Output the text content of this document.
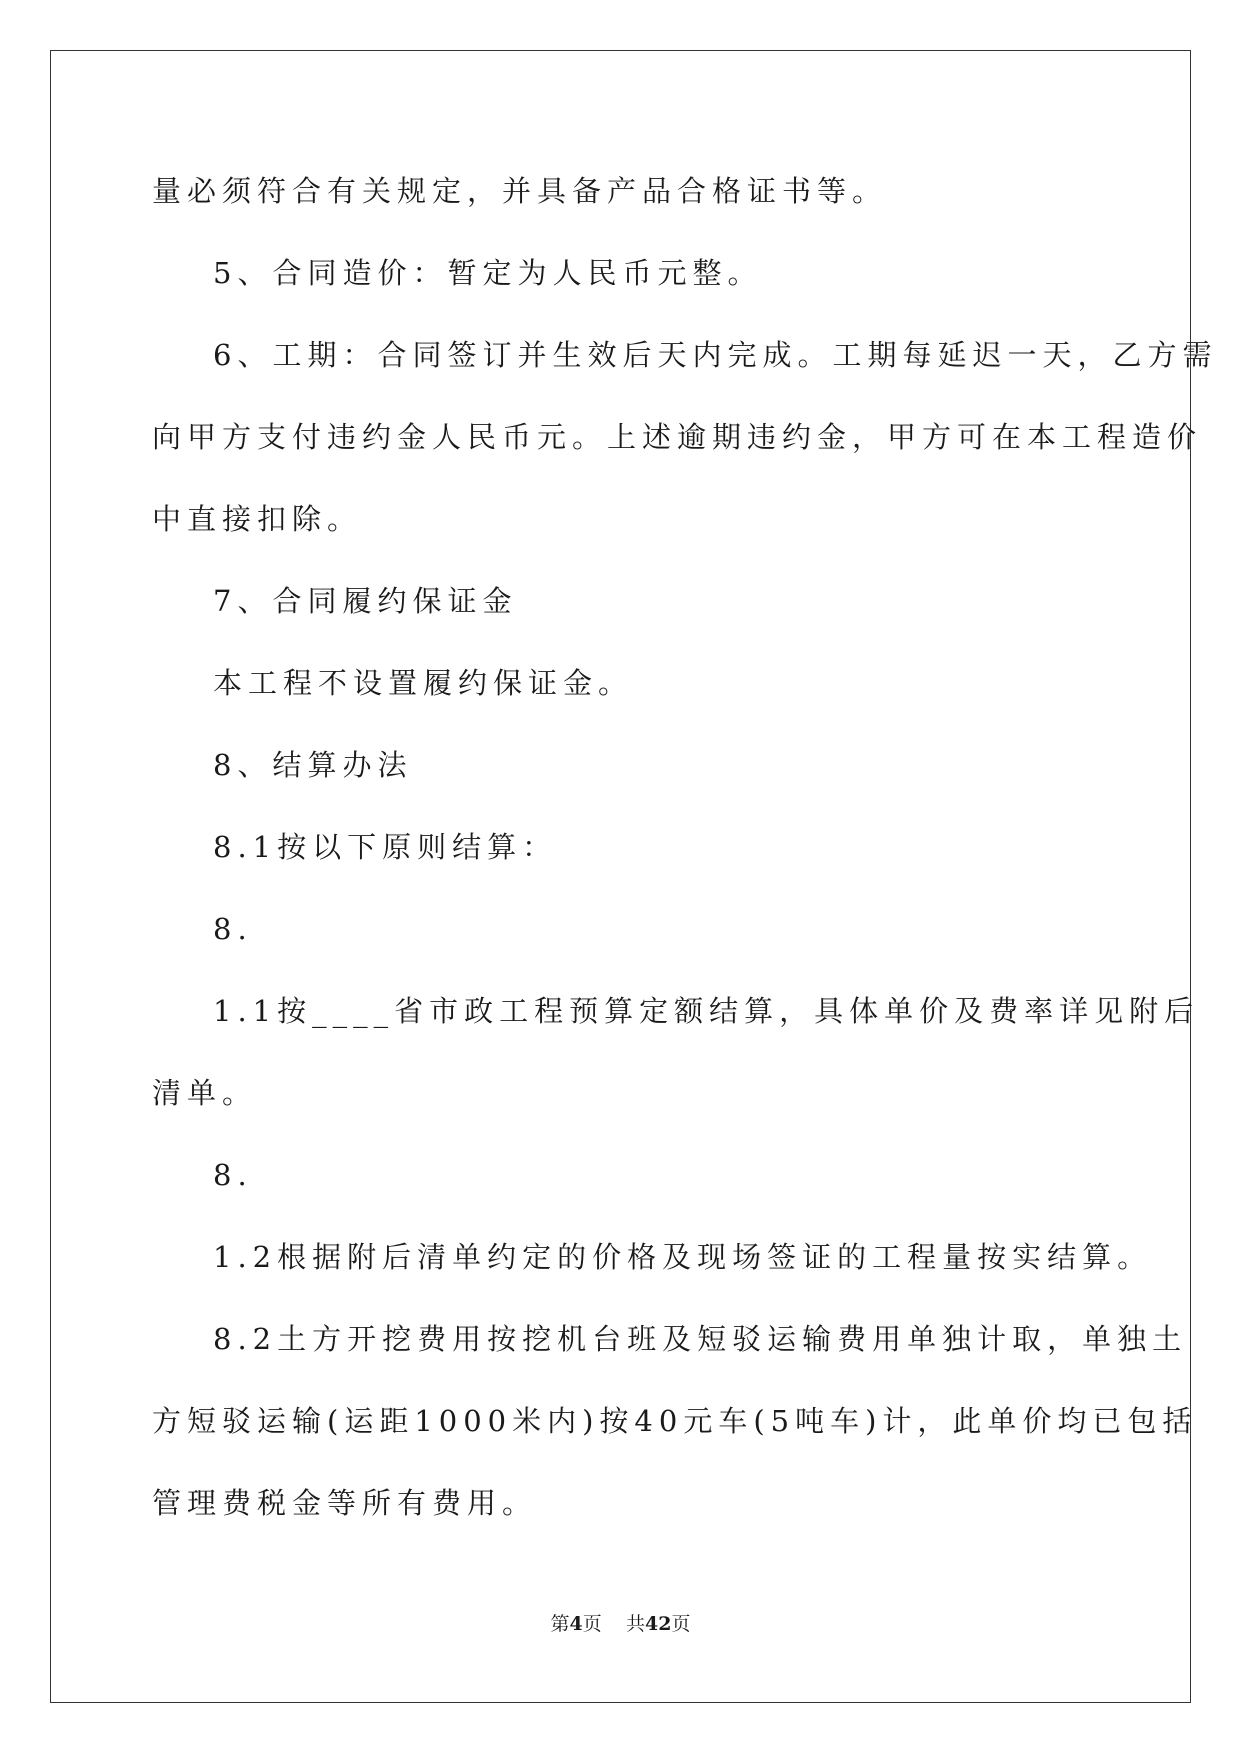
量必须符合有关规定，并具备产品合格证书等。
5、合同造价：暂定为人民币元整。
6、工期：合同签订并生效后天内完成。工期每延迟一天，乙方需
向甲方支付违约金人民币元。上述逾期违约金，甲方可在本工程造价
中直接扣除。
7、合同履约保证金
本工程不设置履约保证金。
8、结算办法
8.1按以下原则结算：
8.
1.1按____省市政工程预算定额结算，具体单价及费率详见附后
清单。
8.
1.2根据附后清单约定的价格及现场签证的工程量按实结算。
8.2土方开挖费用按挖机台班及短驳运输费用单独计取，单独土
方短驳运输(运距1000米内)按40元车(5吨车)计，此单价均已包括
管理费税金等所有费用。
第4页 共42页
